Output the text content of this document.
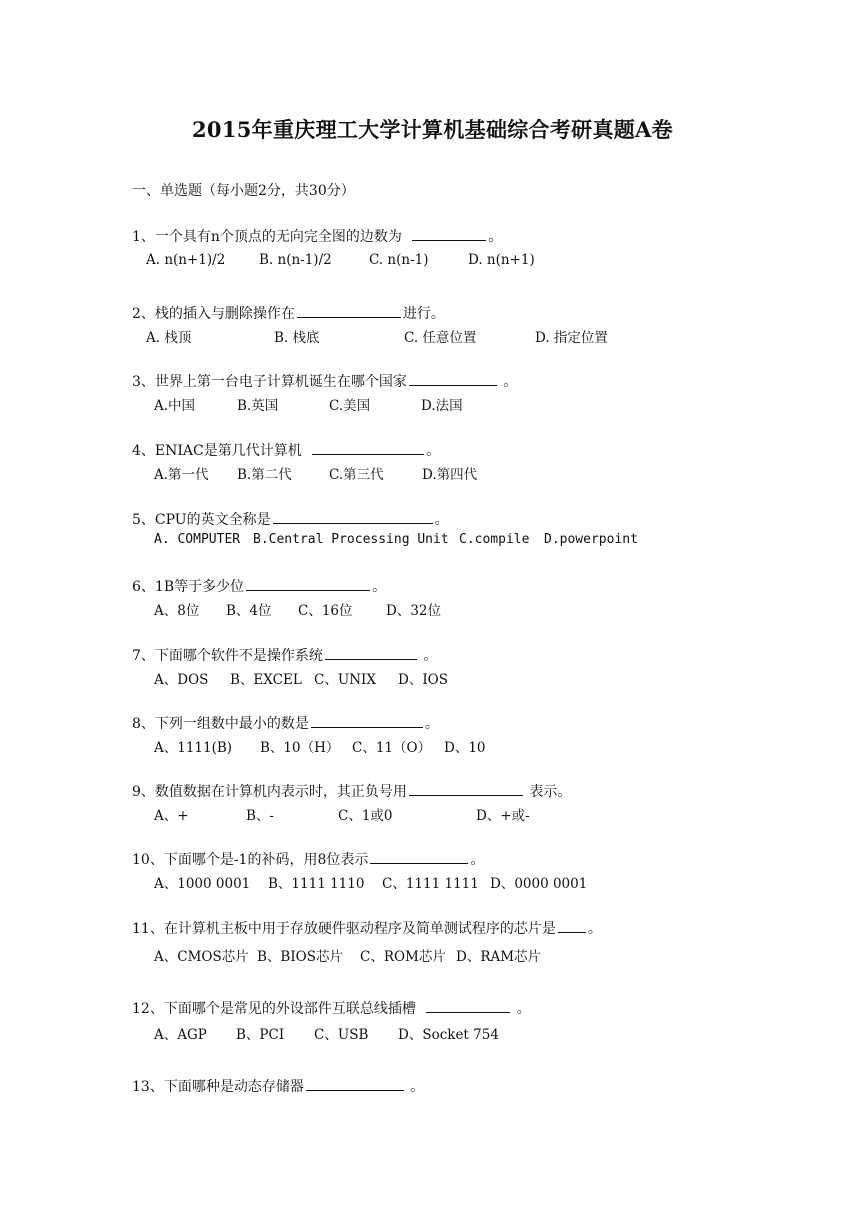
2015年重庆理工大学计算机基础综合考研真题A卷
一、单选题（每小题2分，共30分）
1、一个具有n个顶点的无向完全图的边数为	。
A. n(n+1)/2 B. n(n-1)/2	C. n(n-1)	D. n(n+1)
2、栈的插入与删除操作在	进行。
A. 栈顶	B. 栈底	C. 任意位置	D. 指定位置
3、世界上第一台电子计算机诞生在哪个国家	。
A.中国	B.英国	C.美国	D.法国
4、ENIAC是第几代计算机	。
A.第一代 B.第二代	C.第三代	D.第四代
5、CPU的英文全称是	。
A. COMPUTER B.Central Processing Unit C.compile D.powerpoint
6、1B等于多少位	。
A、8位 B、4位 C、16位 D、32位
7、下面哪个软件不是操作系统	。
A、DOS B、EXCEL C、UNIX D、IOS
8、下列一组数中最小的数是	。
A、1111(B) B、10（H） C、11（O） D、10
9、数值数据在计算机内表示时，其正负号用	表示。
A、+	B、-	C、1或0	D、+或-
10、下面哪个是-1的补码，用8位表示	。
A、1000 0001 B、1111 1110 C、1111 1111 D、0000 0001
11、在计算机主板中用于存放硬件驱动程序及简单测试程序的芯片是 。
A、CMOS芯片 B、BIOS芯片 C、ROM芯片 D、RAM芯片
12、下面哪个是常见的外设部件互联总线插槽	。
A、AGP B、PCI C、USB D、Socket 754
13、下面哪种是动态存储器	。
